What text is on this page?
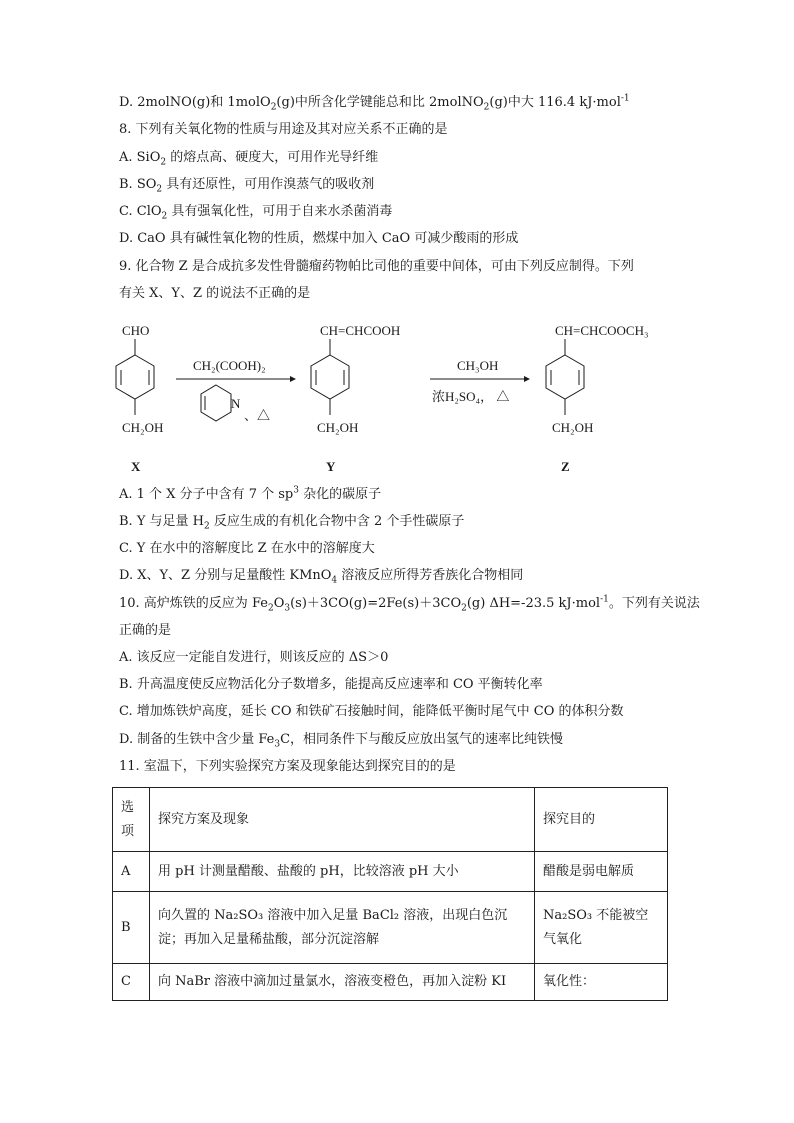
D. 2molNO(g)和 1molO$_2$(g)中所含化学键能总和比 2molNO$_2$(g)中大 116.4 kJ·mol$^{-1}$
8. 下列有关氧化物的性质与用途及其对应关系不正确的是
A. SiO$_2$ 的熔点高、硬度大，可用作光导纤维
B. $SO_2$ 具有还原性，可用作溴蒸气的吸收剂
C. ClO$_2$ 具有强氧化性，可用于自来水杀菌消毒
D. CaO 具有碱性氧化物的性质，燃煤中加入 CaO 可减少酸雨的形成
9. 化合物 Z 是合成抗多发性骨髓瘤药物帕比司他的重要中间体，可由下列反应制得。下列
有关 X、Y、Z 的说法不正确的是
CHO
CH₂OH
X
CH₂(COOH)₂
N
、△
CH=CHCOOH
CH₂OH
Y
CH₃OH
浓H₂SO₄， △
CH=CHCOOCH₃
CH₂OH
Z
A. 1 个 X 分子中含有 7 个 $sp^3$ 杂化的碳原子
B. Y 与足量 $H_2$ 反应生成的有机化合物中含 2 个手性碳原子
C. Y 在水中的溶解度比 Z 在水中的溶解度大
D. X、Y、Z 分别与足量酸性 KMnO$_4$ 溶液反应所得芳香族化合物相同
10. 高炉炼铁的反应为 $Fe_2O_3(s)+3CO(g)=2Fe(s)+3CO_2(g)$ ΔH=-23.5 kJ·mol$^{-1}$。下列有关说法
正确的是
A. 该反应一定能自发进行，则该反应的 ΔS＞0
B. 升高温度使反应物活化分子数增多，能提高反应速率和 CO 平衡转化率
C. 增加炼铁炉高度，延长 CO 和铁矿石接触时间，能降低平衡时尾气中 CO 的体积分数
D. 制备的生铁中含少量 $Fe_3C$，相同条件下与酸反应放出氢气的速率比纯铁慢
11. 室温下，下列实验探究方案及现象能达到探究目的的是
选
项	探究方案及现象	探究目的
A	用 pH 计测量醋酸、盐酸的 pH，比较溶液 pH 大小	醋酸是弱电解质
B	向久置的 Na₂SO₃ 溶液中加入足量 BaCl₂ 溶液，出现白色沉淀；再加入足量稀盐酸，部分沉淀溶解	Na₂SO₃ 不能被空气氧化
C	向 NaBr 溶液中滴加过量氯水，溶液变橙色，再加入淀粉 KI	氧化性：
